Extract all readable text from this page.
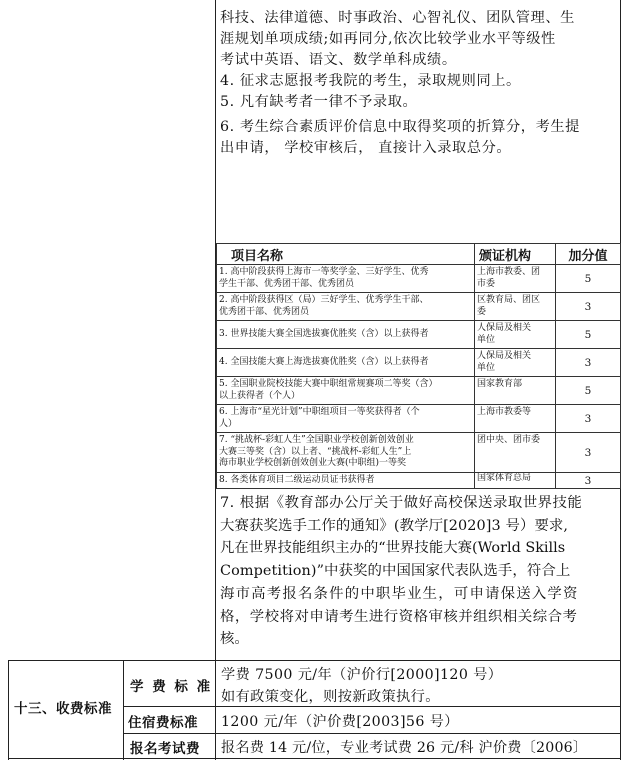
科技、法律道德、时事政治、心智礼仪、团队管理、生
涯规划单项成绩;如再同分,依次比较学业水平等级性
考试中英语、语文、数学单科成绩。
4. 征求志愿报考我院的考生，录取规则同上。
5. 凡有缺考者一律不予录取。
6. 考生综合素质评价信息中取得奖项的折算分，考生提
出申请， 学校审核后， 直接计入录取总分。
项目名称	颁证机构	加分值

1. 高中阶段获得上海市一等奖学金、三好学生、优秀
学生干部、优秀团干部、优秀团员	上海市教委、团
市委	5

2. 高中阶段获得区（局）三好学生、优秀学生干部、
优秀团干部、优秀团员	区教育局、团区
委	3

3. 世界技能大赛全国选拔赛优胜奖（含）以上获得者	人保局及相关
单位	5

4. 全国技能大赛上海选拔赛优胜奖（含）以上获得者	人保局及相关
单位	3

5. 全国职业院校技能大赛中职组常规赛项二等奖（含）
以上获得者（个人）	国家教育部	5

6. 上海市“星光计划”中职组项目一等奖获得者（个
人）	上海市教委等	3

7. “挑战杯-彩虹人生”全国职业学校创新创效创业
大赛三等奖（含）以上者、“挑战杯-彩虹人生”上
海市职业学校创新创效创业大赛(中职组)一等奖	团中央、团市委	3

8. 各类体育项目二级运动员证书获得者	国家体育总局	3
7. 根据《教育部办公厅关于做好高校保送录取世界技能
大赛获奖选手工作的通知》(教学厅[2020]3 号）要求,
凡在世界技能组织主办的“世界技能大赛(World Skills
Competition)”中获奖的中国国家代表队选手，符合上
海市高考报名条件的中职毕业生，可申请保送入学资
格，学校将对申请考生进行资格审核并组织相关综合考
核。
十三、收费标准
学 费 标 准
学费 7500 元/年（沪价行[2000]120 号）
如有政策变化，则按新政策执行。
住宿费标准 1200 元/年（沪价费[2003]56 号）
报名考试费 报名费 14 元/位，专业考试费 26 元/科 沪价费〔2006〕
